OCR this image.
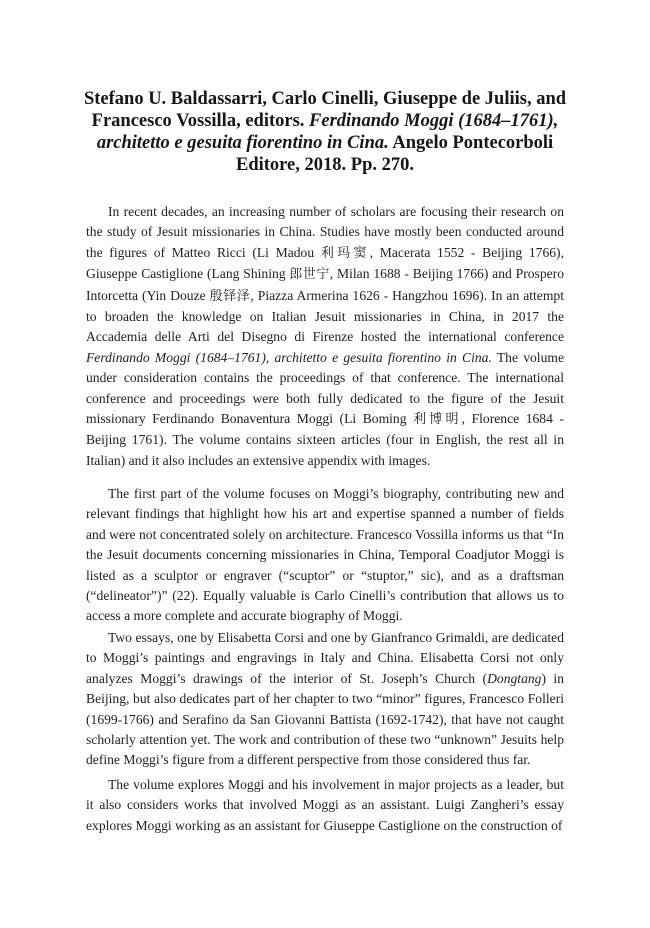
Stefano U. Baldassarri, Carlo Cinelli, Giuseppe de Juliis, and Francesco Vossilla, editors. Ferdinando Moggi (1684–1761), architetto e gesuita fiorentino in Cina. Angelo Pontecorboli Editore, 2018. Pp. 270.

In recent decades, an increasing number of scholars are focusing their research on the study of Jesuit missionaries in China. Studies have mostly been conducted around the figures of Matteo Ricci (Li Madou 利玛窦, Macerata 1552 - Beijing 1766), Giuseppe Castiglione (Lang Shining 郎世宁, Milan 1688 - Beijing 1766) and Prospero Intorcetta (Yin Douze 殷铎泽, Piazza Armerina 1626 - Hangzhou 1696). In an attempt to broaden the knowledge on Italian Jesuit missionaries in China, in 2017 the Accademia delle Arti del Disegno di Firenze hosted the international conference Ferdinando Moggi (1684–1761), architetto e gesuita fiorentino in Cina. The volume under consideration contains the proceedings of that conference. The international conference and proceedings were both fully dedicated to the figure of the Jesuit missionary Ferdinando Bonaventura Moggi (Li Boming 利博明, Florence 1684 - Beijing 1761). The volume contains sixteen articles (four in English, the rest all in Italian) and it also includes an extensive appendix with images.

The first part of the volume focuses on Moggi’s biography, contributing new and relevant findings that highlight how his art and expertise spanned a number of fields and were not concentrated solely on architecture. Francesco Vossilla informs us that “In the Jesuit documents concerning missionaries in China, Temporal Coadjutor Moggi is listed as a sculptor or engraver (“scuptor” or “stuptor,” sic), and as a draftsman (“delineator”)” (22). Equally valuable is Carlo Cinelli’s contribution that allows us to access a more complete and accurate biography of Moggi.

Two essays, one by Elisabetta Corsi and one by Gianfranco Grimaldi, are dedicated to Moggi’s paintings and engravings in Italy and China. Elisabetta Corsi not only analyzes Moggi’s drawings of the interior of St. Joseph’s Church (Dongtang) in Beijing, but also dedicates part of her chapter to two “minor” figures, Francesco Folleri (1699-1766) and Serafino da San Giovanni Battista (1692-1742), that have not caught scholarly attention yet. The work and contribution of these two “unknown” Jesuits help define Moggi’s figure from a different perspective from those considered thus far.

The volume explores Moggi and his involvement in major projects as a leader, but it also considers works that involved Moggi as an assistant. Luigi Zangheri’s essay explores Moggi working as an assistant for Giuseppe Castiglione on the construction of
